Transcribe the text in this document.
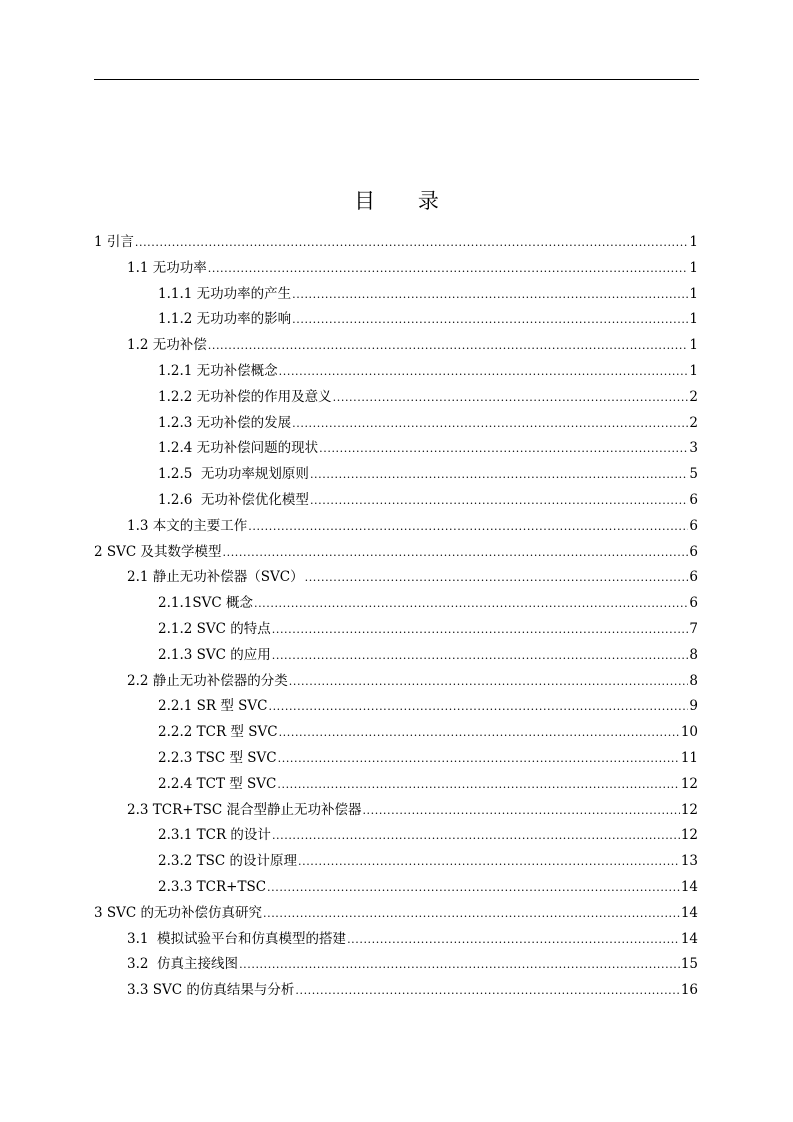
目 录
1 引言 .....	1
1.1 无功功率 .....	1
1.1.1 无功功率的产生 .....	1
1.1.2 无功功率的影响 .....	1
1.2 无功补偿 .....	1
1.2.1 无功补偿概念 .....	1
1.2.2 无功补偿的作用及意义 .....	2
1.2.3 无功补偿的发展 .....	2
1.2.4 无功补偿问题的现状 .....	3
1.2.5  无功功率规划原则 .....	5
1.2.6  无功补偿优化模型 .....	6
1.3 本文的主要工作 .....	6
2 SVC 及其数学模型 .....	6
2.1 静止无功补偿器（SVC） .....	6
2.1.1SVC 概念 .....	6
2.1.2 SVC 的特点 .....	7
2.1.3 SVC 的应用 .....	8
2.2 静止无功补偿器的分类 .....	8
2.2.1 SR 型 SVC .....	9
2.2.2 TCR 型 SVC .....	10
2.2.3 TSC 型 SVC .....	11
2.2.4 TCT 型 SVC .....	12
2.3 TCR+TSC 混合型静止无功补偿器 .....	12
2.3.1 TCR 的设计 .....	12
2.3.2 TSC 的设计原理 .....	13
2.3.3 TCR+TSC .....	14
3 SVC 的无功补偿仿真研究 .....	14
3.1  模拟试验平台和仿真模型的搭建 .....	14
3.2  仿真主接线图 .....	15
3.3 SVC 的仿真结果与分析 .....	16
